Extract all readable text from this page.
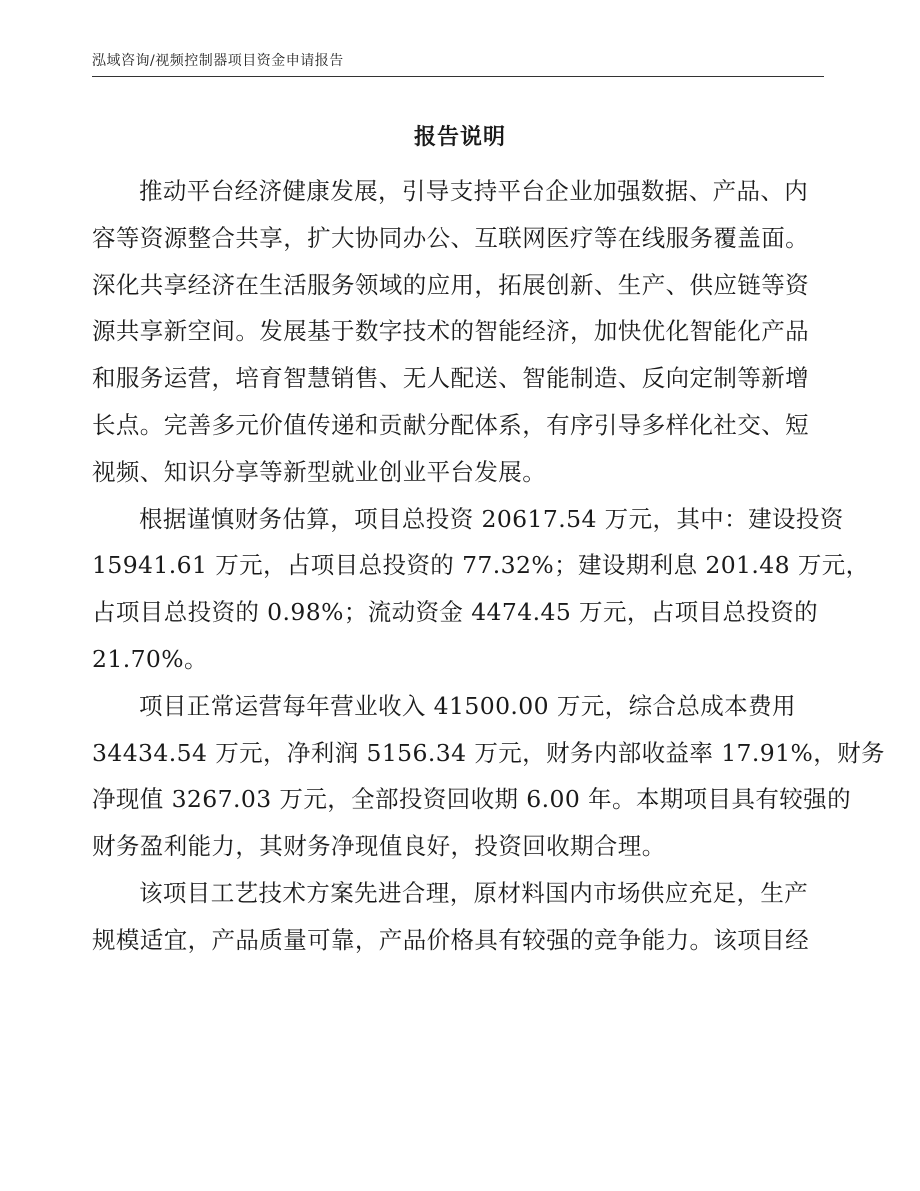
泓域咨询/视频控制器项目资金申请报告
报告说明
推动平台经济健康发展，引导支持平台企业加强数据、产品、内
容等资源整合共享，扩大协同办公、互联网医疗等在线服务覆盖面。
深化共享经济在生活服务领域的应用，拓展创新、生产、供应链等资
源共享新空间。发展基于数字技术的智能经济，加快优化智能化产品
和服务运营，培育智慧销售、无人配送、智能制造、反向定制等新增
长点。完善多元价值传递和贡献分配体系，有序引导多样化社交、短
视频、知识分享等新型就业创业平台发展。
根据谨慎财务估算，项目总投资 20617.54 万元，其中：建设投资
15941.61 万元，占项目总投资的 77.32%；建设期利息 201.48 万元，
占项目总投资的 0.98%；流动资金 4474.45 万元，占项目总投资的
21.70%。
项目正常运营每年营业收入 41500.00 万元，综合总成本费用
34434.54 万元，净利润 5156.34 万元，财务内部收益率 17.91%，财务
净现值 3267.03 万元，全部投资回收期 6.00 年。本期项目具有较强的
财务盈利能力，其财务净现值良好，投资回收期合理。
该项目工艺技术方案先进合理，原材料国内市场供应充足，生产
规模适宜，产品质量可靠，产品价格具有较强的竞争能力。该项目经
